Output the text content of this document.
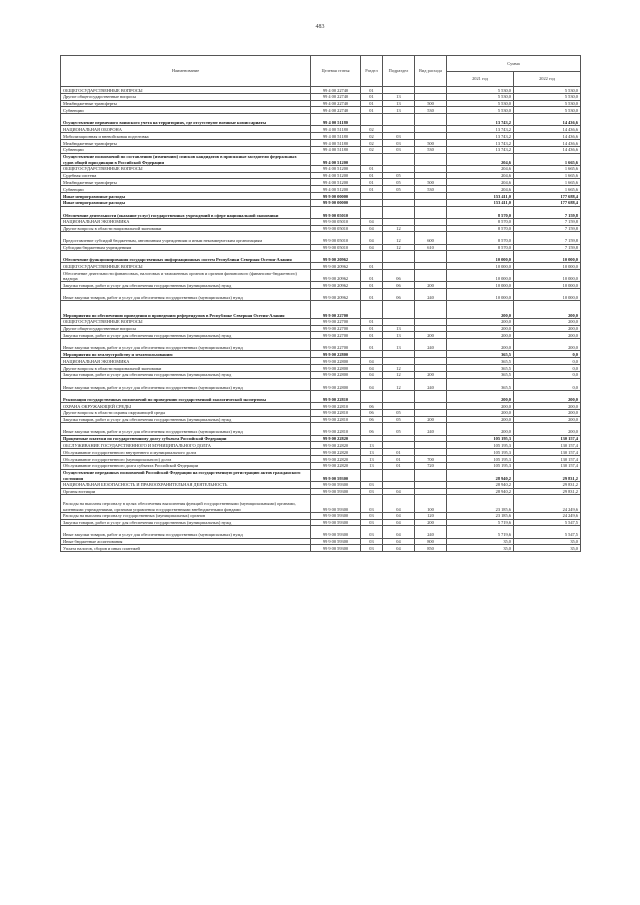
483
Наименование	Целевая статья	Раздел	Подраздел	Вид расхода	Сумма	
					2021 год	2022 год
ОБЩЕГОСУДАРСТВЕННЫЕ ВОПРОСЫ	99 4 00 22740	01			5 530,0	5 530,0
Другие общегосударственные вопросы	99 4 00 22740	01	13		5 530,0	5 530,0
Межбюджетные трансферты	99 4 00 22740	01	13	500	5 530,0	5 530,0
Субвенции	99 4 00 22740	01	13	530	5 530,0	5 530,0
Осуществление первичного воинского учета на территориях, где отсутствуют военные комиссариаты	99 4 00 51180				13 743,2	14 436,6
НАЦИОНАЛЬНАЯ ОБОРОНА	99 4 00 51180	02			13 743,2	14 436,6
Мобилизационная и вневойсковая подготовка	99 4 00 51180	02	03		13 743,2	14 436,6
Межбюджетные трансферты	99 4 00 51180	02	03	500	13 743,2	14 436,6
Субвенции	99 4 00 51180	02	03	530	13 743,2	14 436,6
Осуществление полномочий по составлению (изменению) списков кандидатов в присяжные заседатели федеральных судов общей юрисдикции в Российской Федерации	99 4 00 51200				204,6	1 665,6
ОБЩЕГОСУДАРСТВЕННЫЕ ВОПРОСЫ	99 4 00 51200	01			204,6	1 665,6
Судебная система	99 4 00 51200	01	05		204,6	1 665,6
Межбюджетные трансферты	99 4 00 51200	01	05	500	204,6	1 665,6
Субвенции	99 4 00 51200	01	05	530	204,6	1 665,6
Иные непрограммные расходы	99 9 00 00000				153 411,0	177 688,4
Иные непрограммные расходы	99 9 00 00000				153 411,0	177 688,4
Обеспечение деятельности (оказание услуг) государственных учреждений в сфере национальной экономики	99 9 00 05010				8 570,0	7 159,8
НАЦИОНАЛЬНАЯ ЭКОНОМИКА	99 9 00 05010	04			8 570,0	7 159,8
Другие вопросы в области национальной экономики	99 9 00 05010	04	12		8 570,0	7 159,8
Предоставление субсидий бюджетным, автономным учреждениям и иным некоммерческим организациям	99 9 00 05010	04	12	600	8 570,0	7 159,8
Субсидии бюджетным учреждениям	99 9 00 05010	04	12	610	8 570,0	7 159,8
Обеспечение функционирования государственных информационных систем Республики Северная Осетия-Алания	99 9 00 20962				10 000,0	10 000,0
ОБЩЕГОСУДАРСТВЕННЫЕ ВОПРОСЫ	99 9 00 20962	01			10 000,0	10 000,0
Обеспечение деятельности финансовых, налоговых и таможенных органов и органов финансового (финансово-бюджетного) надзора	99 9 00 20962	01	06		10 000,0	10 000,0
Закупка товаров, работ и услуг для обеспечения государственных (муниципальных) нужд	99 9 00 20962	01	06	200	10 000,0	10 000,0
Иные закупки товаров, работ и услуг для обеспечения государственных (муниципальных) нужд	99 9 00 20962	01	06	240	10 000,0	10 000,0
Мероприятия по обеспечению проведения и проведению референдумов в Республике Северная Осетия-Алания	99 9 00 22700				200,0	200,0
ОБЩЕГОСУДАРСТВЕННЫЕ ВОПРОСЫ	99 9 00 22700	01			200,0	200,0
Другие общегосударственные вопросы	99 9 00 22700	01	13		200,0	200,0
Закупка товаров, работ и услуг для обеспечения государственных (муниципальных) нужд	99 9 00 22700	01	13	200	200,0	200,0
Иные закупки товаров, работ и услуг для обеспечения государственных (муниципальных) нужд	99 9 00 22700	01	13	240	200,0	200,0
Мероприятия по землеустройству и землепользованию	99 9 00 22800				365,5	0,0
НАЦИОНАЛЬНАЯ ЭКОНОМИКА	99 9 00 22800	04			365,5	0,0
Другие вопросы в области национальной экономики	99 9 00 22800	04	12		365,5	0,0
Закупка товаров, работ и услуг для обеспечения государственных (муниципальных) нужд	99 9 00 22800	04	12	200	365,5	0,0
Иные закупки товаров, работ и услуг для обеспечения государственных (муниципальных) нужд	99 9 00 22800	04	12	240	365,5	0,0
Реализация государственных полномочий по проведению государственной экологической экспертизы	99 9 00 22810				200,0	200,0
ОХРАНА ОКРУЖАЮЩЕЙ СРЕДЫ	99 9 00 22810	06			200,0	200,0
Другие вопросы в области охраны окружающей среды	99 9 00 22810	06	05		200,0	200,0
Закупка товаров, работ и услуг для обеспечения государственных (муниципальных) нужд	99 9 00 22810	06	05	200	200,0	200,0
Иные закупки товаров, работ и услуг для обеспечения государственных (муниципальных) нужд	99 9 00 22810	06	05	240	200,0	200,0
Процентные платежи по государственному долгу субъекта Российской Федерации	99 9 00 22820				105 195,3	130 157,4
ОБСЛУЖИВАНИЕ ГОСУДАРСТВЕННОГО И МУНИЦИПАЛЬНОГО ДОЛГА	99 9 00 22820	13			105 195,3	130 157,4
Обслуживание государственного внутреннего и муниципального долга	99 9 00 22820	13	01		105 195,3	130 157,4
Обслуживание государственного (муниципального) долга	99 9 00 22820	13	01	700	105 195,3	130 157,4
Обслуживание государственного долга субъекта Российской Федерации	99 9 00 22820	13	01	720	105 195,3	130 157,4
Осуществление переданных полномочий Российской Федерации на государственную регистрацию актов гражданского состояния	99 9 00 59300				28 940,2	29 831,2
НАЦИОНАЛЬНАЯ БЕЗОПАСНОСТЬ И ПРАВООХРАНИТЕЛЬНАЯ ДЕЯТЕЛЬНОСТЬ	99 9 00 59300	03			28 940,2	29 831,2
Органы юстиции	99 9 00 59300	03	04		28 940,2	29 831,2
Расходы на выплаты персоналу в целях обеспечения выполнения функций государственными (муниципальными) органами, казенными учреждениями, органами управления государственными внебюджетными фондами	99 9 00 59300	03	04	100	23 185,6	24 249,6
Расходы на выплаты персоналу государственных (муниципальных) органов	99 9 00 59300	03	04	120	23 185,6	24 249,6
Закупка товаров, работ и услуг для обеспечения государственных (муниципальных) нужд	99 9 00 59300	03	04	200	5 719,6	5 547,5
Иные закупки товаров, работ и услуг для обеспечения государственных (муниципальных) нужд	99 9 00 59300	03	04	240	5 719,6	5 547,5
Иные бюджетные ассигнования	99 9 00 59300	03	04	800	35,0	35,0
Уплата налогов, сборов и иных платежей	99 9 00 59300	03	04	850	35,0	35,0
